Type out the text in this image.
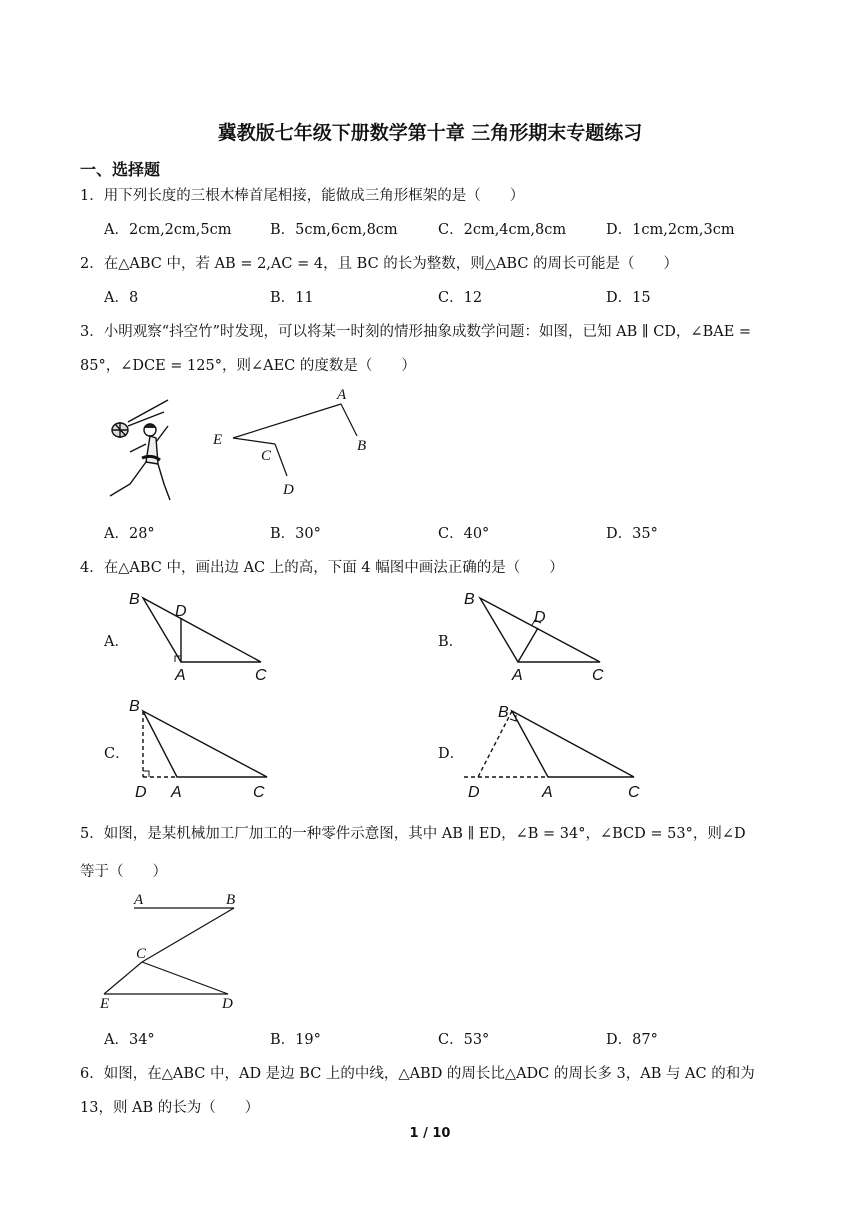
冀教版七年级下册数学第十章 三角形期末专题练习
一、选择题
1．用下列长度的三根木棒首尾相接，能做成三角形框架的是（　　）
A．2cm,2cm,5cm	B．5cm,6cm,8cm	C．2cm,4cm,8cm	D．1cm,2cm,3cm
2．在△ABC 中，若 AB = 2,AC = 4，且 BC 的长为整数，则△ABC 的周长可能是（　　）
A．8	B．11	C．12	D．15
3．小明观察“抖空竹”时发现，可以将某一时刻的情形抽象成数学问题：如图，已知 AB ∥ CD，∠BAE =
85°，∠DCE = 125°，则∠AEC 的度数是（　　）
A
B
C
D
E
A．28°	B．30°	C．40°	D．35°
4．在△ABC 中，画出边 AC 上的高，下面 4 幅图中画法正确的是（　　）
A．	B．
C．	D．
B
D
A	C
B
D
A	C
B
D A	C
B
D	A	C
5．如图，是某机械加工厂加工的一种零件示意图，其中 AB ∥ ED，∠B = 34°，∠BCD = 53°，则∠D
等于（　　）
A	B
C
D
E
A．34°	B．19°	C．53°	D．87°
6．如图，在△ABC 中，AD 是边 BC 上的中线，△ABD 的周长比△ADC 的周长多 3，AB 与 AC 的和为
13，则 AB 的长为（　　）
1 / 10
